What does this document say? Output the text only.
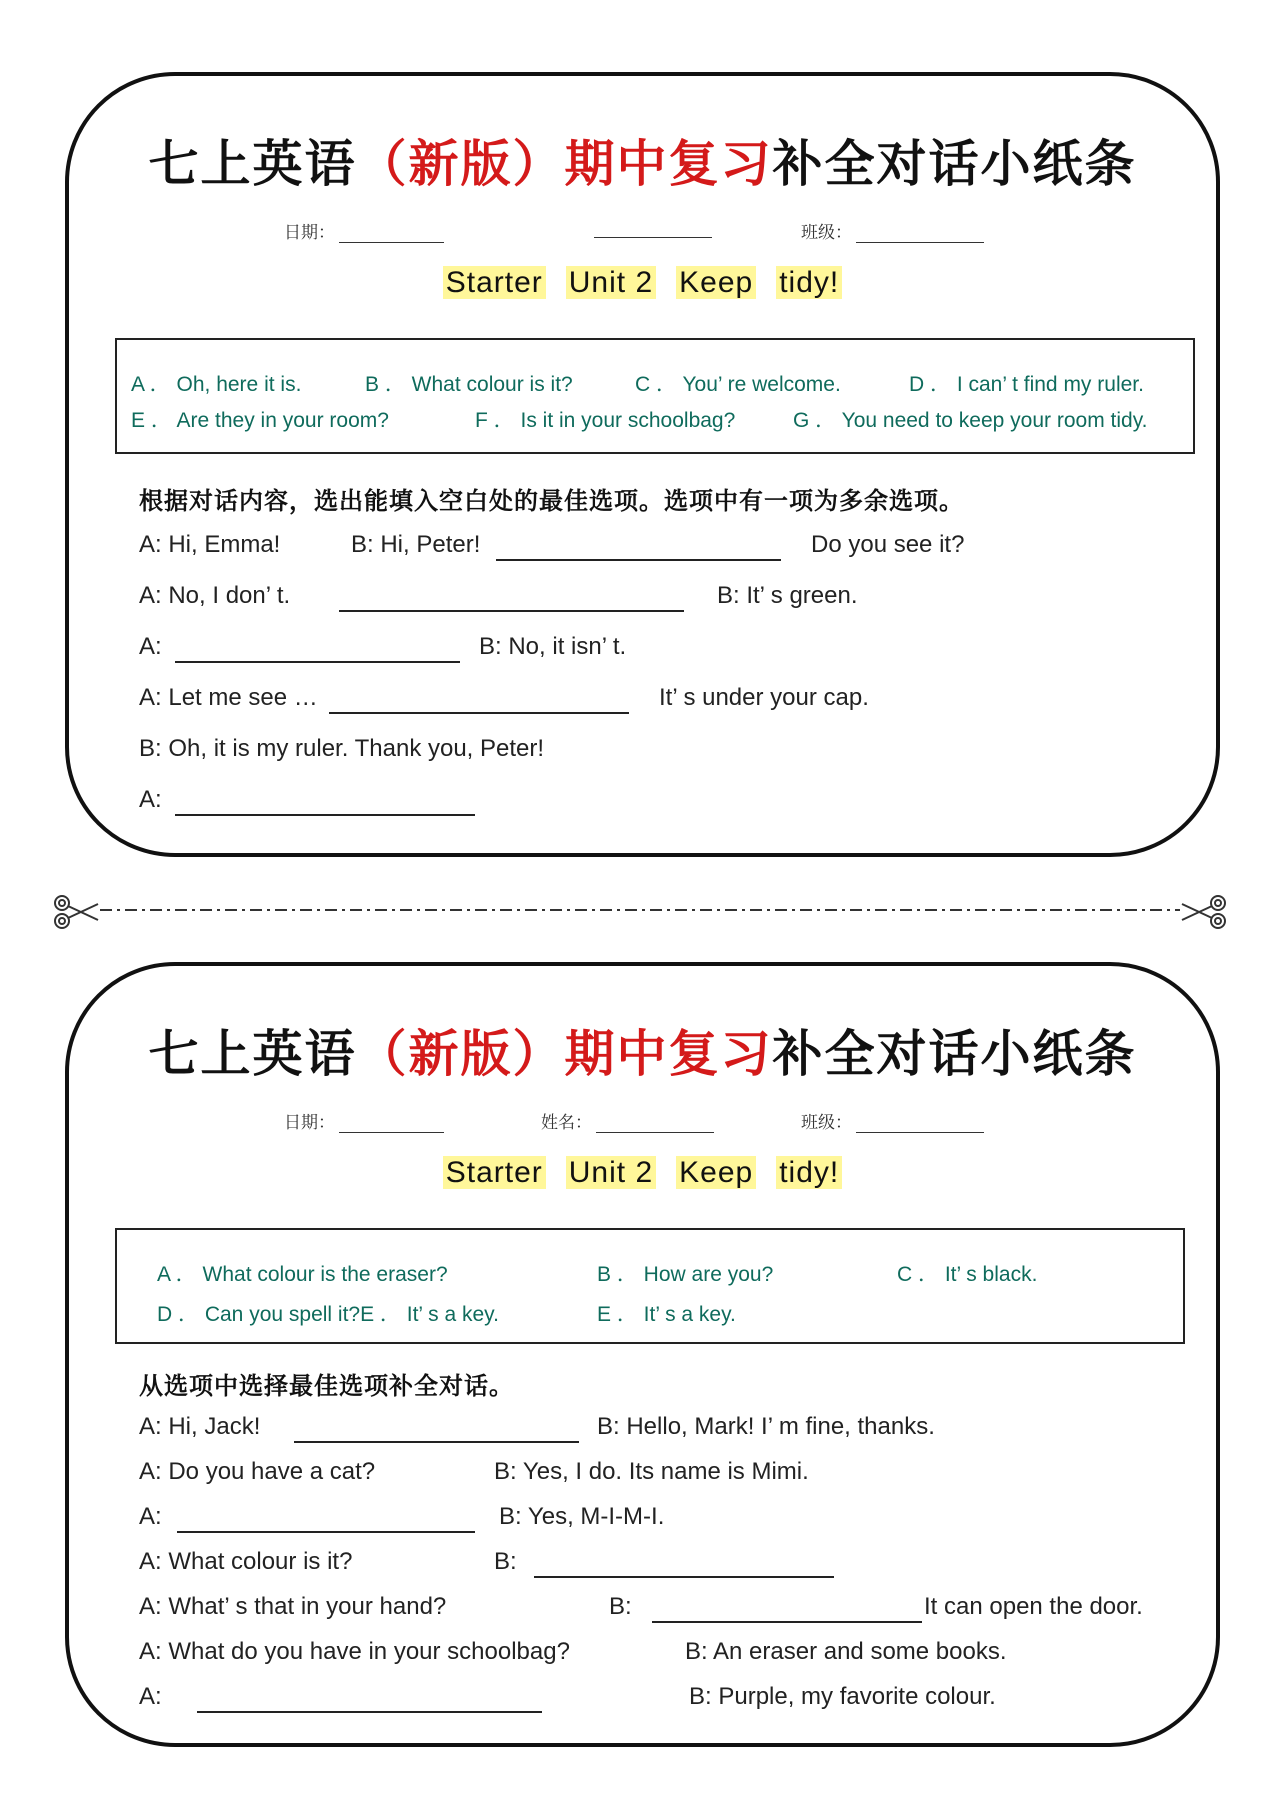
七上英语（新版）期中复习补全对话小纸条
日期：	班级：
Starter Unit 2 Keep tidy!
A ． Oh, here it is.	B ． What colour is it?	C ． You’ re welcome.	D ． I can’ t find my ruler.
E ． Are they in your room?	F ． Is it in your schoolbag?	G ． You need to keep your room tidy.
根据对话内容，选出能填入空白处的最佳选项。选项中有一项为多余选项。
A: Hi, Emma!	B: Hi, Peter!	Do you see it?
A: No, I don’ t.	B: It’ s green.
A:	B: No, it isn’ t.
A: Let me see …	It’ s under your cap.
B: Oh, it is my ruler. Thank you, Peter!
A:
七上英语（新版）期中复习补全对话小纸条
日期：	姓名：	班级：
Starter Unit 2 Keep tidy!
A ． What colour is the eraser?	B ． How are you?	C ． It’ s black.
D ． Can you spell it?E ． It’ s a key.	E ． It’ s a key.
从选项中选择最佳选项补全对话。
A: Hi, Jack!	B: Hello, Mark! I’ m fine, thanks.
A: Do you have a cat?	B: Yes, I do. Its name is Mimi.
A:	B: Yes, M-I-M-I.
A: What colour is it?	B:
A: What’ s that in your hand?	B:	It can open the door.
A: What do you have in your schoolbag?	B: An eraser and some books.
A:	B: Purple, my favorite colour.
